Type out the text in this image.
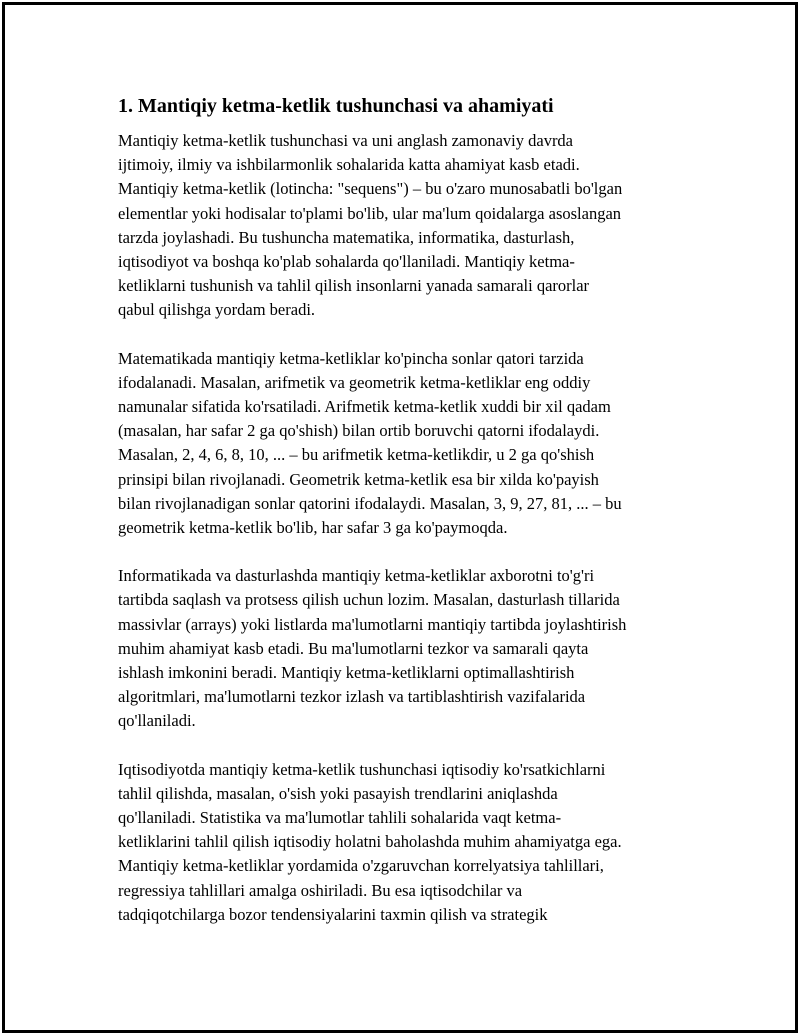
1. Mantiqiy ketma-ketlik tushunchasi va ahamiyati

Mantiqiy ketma-ketlik tushunchasi va uni anglash zamonaviy davrda
ijtimoiy, ilmiy va ishbilarmonlik sohalarida katta ahamiyat kasb etadi.
Mantiqiy ketma-ketlik (lotincha: "sequens") – bu o'zaro munosabatli bo'lgan
elementlar yoki hodisalar to'plami bo'lib, ular ma'lum qoidalarga asoslangan
tarzda joylashadi. Bu tushuncha matematika, informatika, dasturlash,
iqtisodiyot va boshqa ko'plab sohalarda qo'llaniladi. Mantiqiy ketma-
ketliklarni tushunish va tahlil qilish insonlarni yanada samarali qarorlar
qabul qilishga yordam beradi.

Matematikada mantiqiy ketma-ketliklar ko'pincha sonlar qatori tarzida
ifodalanadi. Masalan, arifmetik va geometrik ketma-ketliklar eng oddiy
namunalar sifatida ko'rsatiladi. Arifmetik ketma-ketlik xuddi bir xil qadam
(masalan, har safar 2 ga qo'shish) bilan ortib boruvchi qatorni ifodalaydi.
Masalan, 2, 4, 6, 8, 10, ... – bu arifmetik ketma-ketlikdir, u 2 ga qo'shish
prinsipi bilan rivojlanadi. Geometrik ketma-ketlik esa bir xilda ko'payish
bilan rivojlanadigan sonlar qatorini ifodalaydi. Masalan, 3, 9, 27, 81, ... – bu
geometrik ketma-ketlik bo'lib, har safar 3 ga ko'paymoqda.

Informatikada va dasturlashda mantiqiy ketma-ketliklar axborotni to'g'ri
tartibda saqlash va protsess qilish uchun lozim. Masalan, dasturlash tillarida
massivlar (arrays) yoki listlarda ma'lumotlarni mantiqiy tartibda joylashtirish
muhim ahamiyat kasb etadi. Bu ma'lumotlarni tezkor va samarali qayta
ishlash imkonini beradi. Mantiqiy ketma-ketliklarni optimallashtirish
algoritmlari, ma'lumotlarni tezkor izlash va tartiblashtirish vazifalarida
qo'llaniladi.

Iqtisodiyotda mantiqiy ketma-ketlik tushunchasi iqtisodiy ko'rsatkichlarni
tahlil qilishda, masalan, o'sish yoki pasayish trendlarini aniqlashda
qo'llaniladi. Statistika va ma'lumotlar tahlili sohalarida vaqt ketma-
ketliklarini tahlil qilish iqtisodiy holatni baholashda muhim ahamiyatga ega.
Mantiqiy ketma-ketliklar yordamida o'zgaruvchan korrelyatsiya tahlillari,
regressiya tahlillari amalga oshiriladi. Bu esa iqtisodchilar va
tadqiqotchilarga bozor tendensiyalarini taxmin qilish va strategik
